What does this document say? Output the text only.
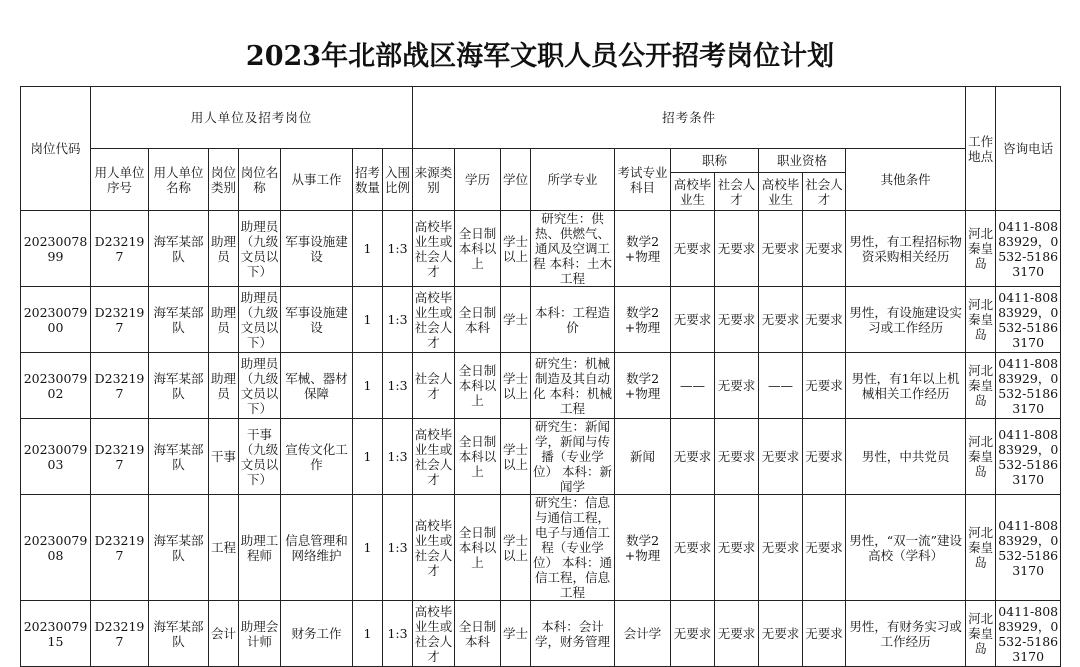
2023年北部战区海军文职人员公开招考岗位计划
岗位代码	用人单位及招考岗位							招考条件										工作地点	咨询电话
	用人单位序号	用人单位名称	岗位类别	岗位名称	从事工作	招考数量	入围比例	来源类别	学历	学位	所学专业	考试专业科目	职称		职业资格		其他条件		
													高校毕业生	社会人才	高校毕业生	社会人才			
2023007899	D232197	海军某部队	助理员	助理员（九级文员以下）	军事设施建设	1	1:3	高校毕业生或社会人才	全日制本科以上	学士以上	研究生：供热、供燃气、通风及空调工程 本科：土木工程	数学2+物理	无要求	无要求	无要求	无要求	男性，有工程招标物资采购相关经历	河北秦皇岛	0411-80883929，0532-51863170
2023007900	D232197	海军某部队	助理员	助理员（九级文员以下）	军事设施建设	1	1:3	高校毕业生或社会人才	全日制本科	学士	本科：工程造价	数学2+物理	无要求	无要求	无要求	无要求	男性，有设施建设实习或工作经历	河北秦皇岛	0411-80883929，0532-51863170
2023007902	D232197	海军某部队	助理员	助理员（九级文员以下）	军械、器材保障	1	1:3	社会人才	全日制本科以上	学士以上	研究生：机械制造及其自动化 本科：机械工程	数学2+物理	——	无要求	——	无要求	男性，有1年以上机械相关工作经历	河北秦皇岛	0411-80883929，0532-51863170
2023007903	D232197	海军某部队	干事	干事（九级文员以下）	宣传文化工作	1	1:3	高校毕业生或社会人才	全日制本科以上	学士以上	研究生：新闻学，新闻与传播（专业学位） 本科：新闻学	新闻	无要求	无要求	无要求	无要求	男性，中共党员	河北秦皇岛	0411-80883929，0532-51863170
2023007908	D232197	海军某部队	工程	助理工程师	信息管理和网络维护	1	1:3	高校毕业生或社会人才	全日制本科以上	学士以上	研究生：信息与通信工程，电子与通信工程（专业学位） 本科：通信工程，信息工程	数学2+物理	无要求	无要求	无要求	无要求	男性，“双一流”建设高校（学科）	河北秦皇岛	0411-80883929，0532-51863170
2023007915	D232197	海军某部队	会计	助理会计师	财务工作	1	1:3	高校毕业生或社会人才	全日制本科	学士	本科：会计学，财务管理	会计学	无要求	无要求	无要求	无要求	男性，有财务实习或工作经历	河北秦皇岛	0411-80883929，0532-51863170
